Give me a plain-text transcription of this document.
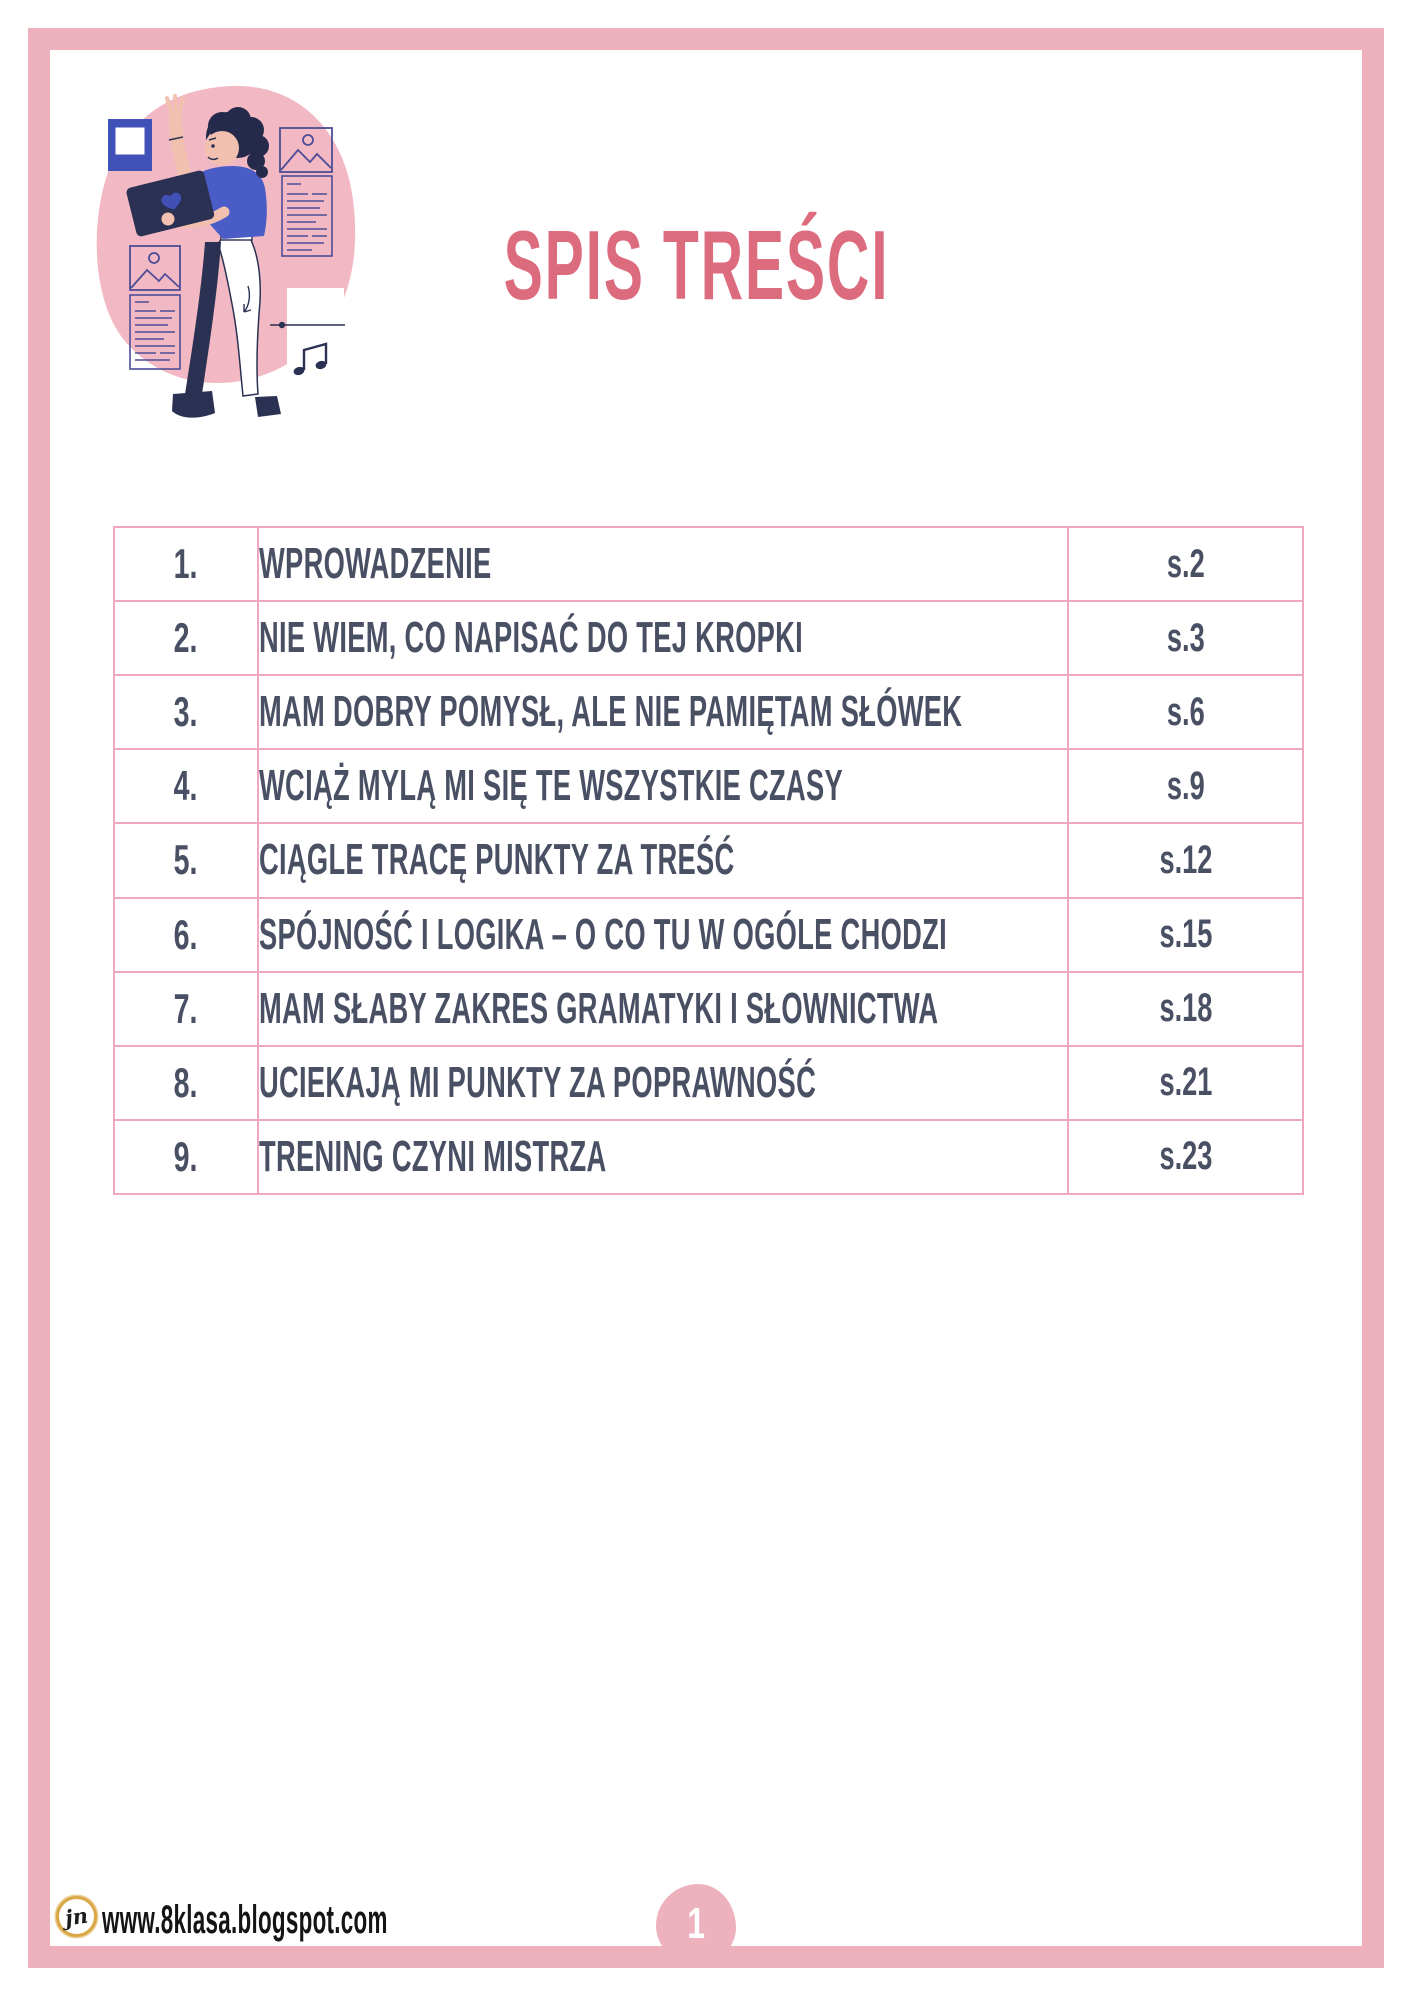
SPIS TREŚCI
1.	WPROWADZENIE	s.2
2.	NIE WIEM, CO NAPISAĆ DO TEJ KROPKI	s.3
3.	MAM DOBRY POMYSŁ, ALE NIE PAMIĘTAM SŁÓWEK	s.6
4.	WCIĄŻ MYLĄ MI SIĘ TE WSZYSTKIE CZASY	s.9
5.	CIĄGLE TRACĘ PUNKTY ZA TREŚĆ	s.12
6.	SPÓJNOŚĆ I LOGIKA – O CO TU W OGÓLE CHODZI	s.15
7.	MAM SŁABY ZAKRES GRAMATYKI I SŁOWNICTWA	s.18
8.	UCIEKAJĄ MI PUNKTY ZA POPRAWNOŚĆ	s.21
9.	TRENING CZYNI MISTRZA	s.23
jn www.8klasa.blogspot.com	1
